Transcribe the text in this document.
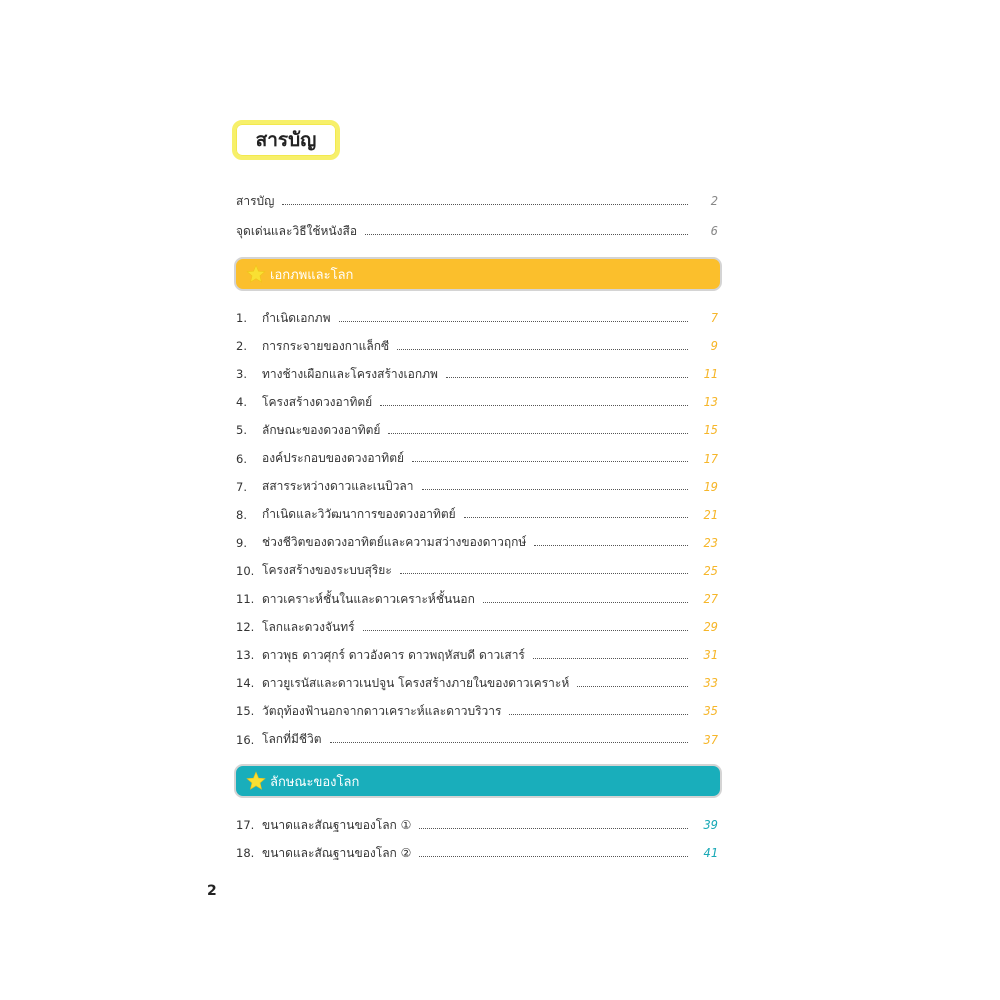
สารบัญ
สารบัญ	2
จุดเด่นและวิธีใช้หนังสือ	6
เอกภพและโลก
1.	กำเนิดเอกภพ	7
2.	การกระจายของกาแล็กซี	9
3.	ทางช้างเผือกและโครงสร้างเอกภพ	11
4.	โครงสร้างดวงอาทิตย์	13
5.	ลักษณะของดวงอาทิตย์	15
6.	องค์ประกอบของดวงอาทิตย์	17
7.	สสารระหว่างดาวและเนบิวลา	19
8.	กำเนิดและวิวัฒนาการของดวงอาทิตย์	21
9.	ช่วงชีวิตของดวงอาทิตย์และความสว่างของดาวฤกษ์	23
10. โครงสร้างของระบบสุริยะ	25
11. ดาวเคราะห์ชั้นในและดาวเคราะห์ชั้นนอก	27
12. โลกและดวงจันทร์	29
13. ดาวพุธ ดาวศุกร์ ดาวอังคาร ดาวพฤหัสบดี ดาวเสาร์	31
14. ดาวยูเรนัสและดาวเนปจูน โครงสร้างภายในของดาวเคราะห์	33
15. วัตถุท้องฟ้านอกจากดาวเคราะห์และดาวบริวาร	35
16. โลกที่มีชีวิต	37
ลักษณะของโลก
17. ขนาดและสัณฐานของโลก ①	39
18. ขนาดและสัณฐานของโลก ②	41
2
